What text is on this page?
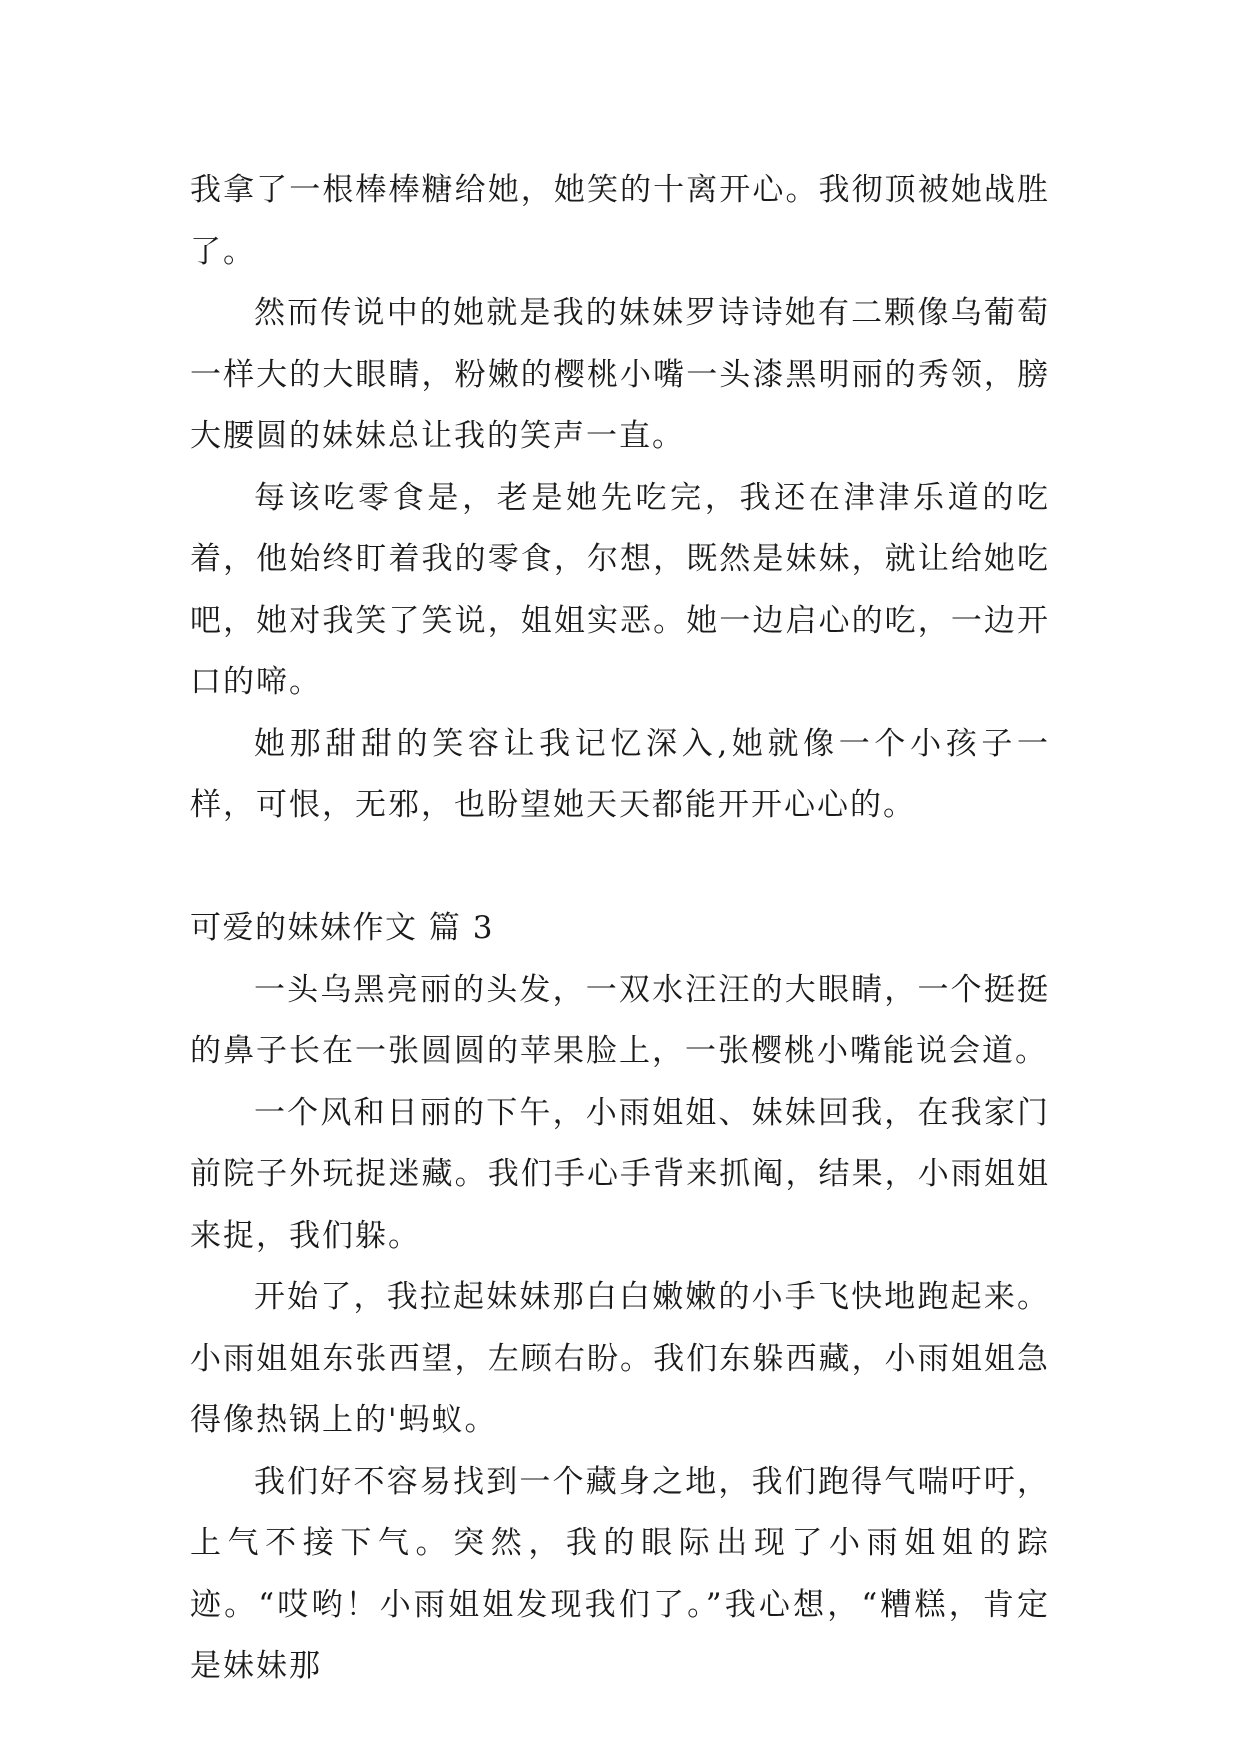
我拿了一根棒棒糖给她，她笑的十离开心。我彻顶被她战胜了。

然而传说中的她就是我的妹妹罗诗诗她有二颗像乌葡萄一样大的大眼睛，粉嫩的樱桃小嘴一头漆黑明丽的秀领，膀大腰圆的妹妹总让我的笑声一直。

每该吃零食是，老是她先吃完，我还在津津乐道的吃着，他始终盯着我的零食，尔想，既然是妹妹，就让给她吃吧，她对我笑了笑说，姐姐实恶。她一边启心的吃，一边开口的啼。

她那甜甜的笑容让我记忆深入,她就像一个小孩子一样，可恨，无邪，也盼望她天天都能开开心心的。

可爱的妹妹作文 篇 3

一头乌黑亮丽的头发，一双水汪汪的大眼睛，一个挺挺的鼻子长在一张圆圆的苹果脸上，一张樱桃小嘴能说会道。

一个风和日丽的下午，小雨姐姐、妹妹回我，在我家门前院子外玩捉迷藏。我们手心手背来抓阄，结果，小雨姐姐来捉，我们躲。

开始了，我拉起妹妹那白白嫩嫩的小手飞快地跑起来。小雨姐姐东张西望，左顾右盼。我们东躲西藏，小雨姐姐急得像热锅上的'蚂蚁。

我们好不容易找到一个藏身之地，我们跑得气喘吁吁，上气不接下气。突然，我的眼际出现了小雨姐姐的踪迹。“哎哟！小雨姐姐发现我们了。”我心想，“糟糕，肯定是妹妹那
